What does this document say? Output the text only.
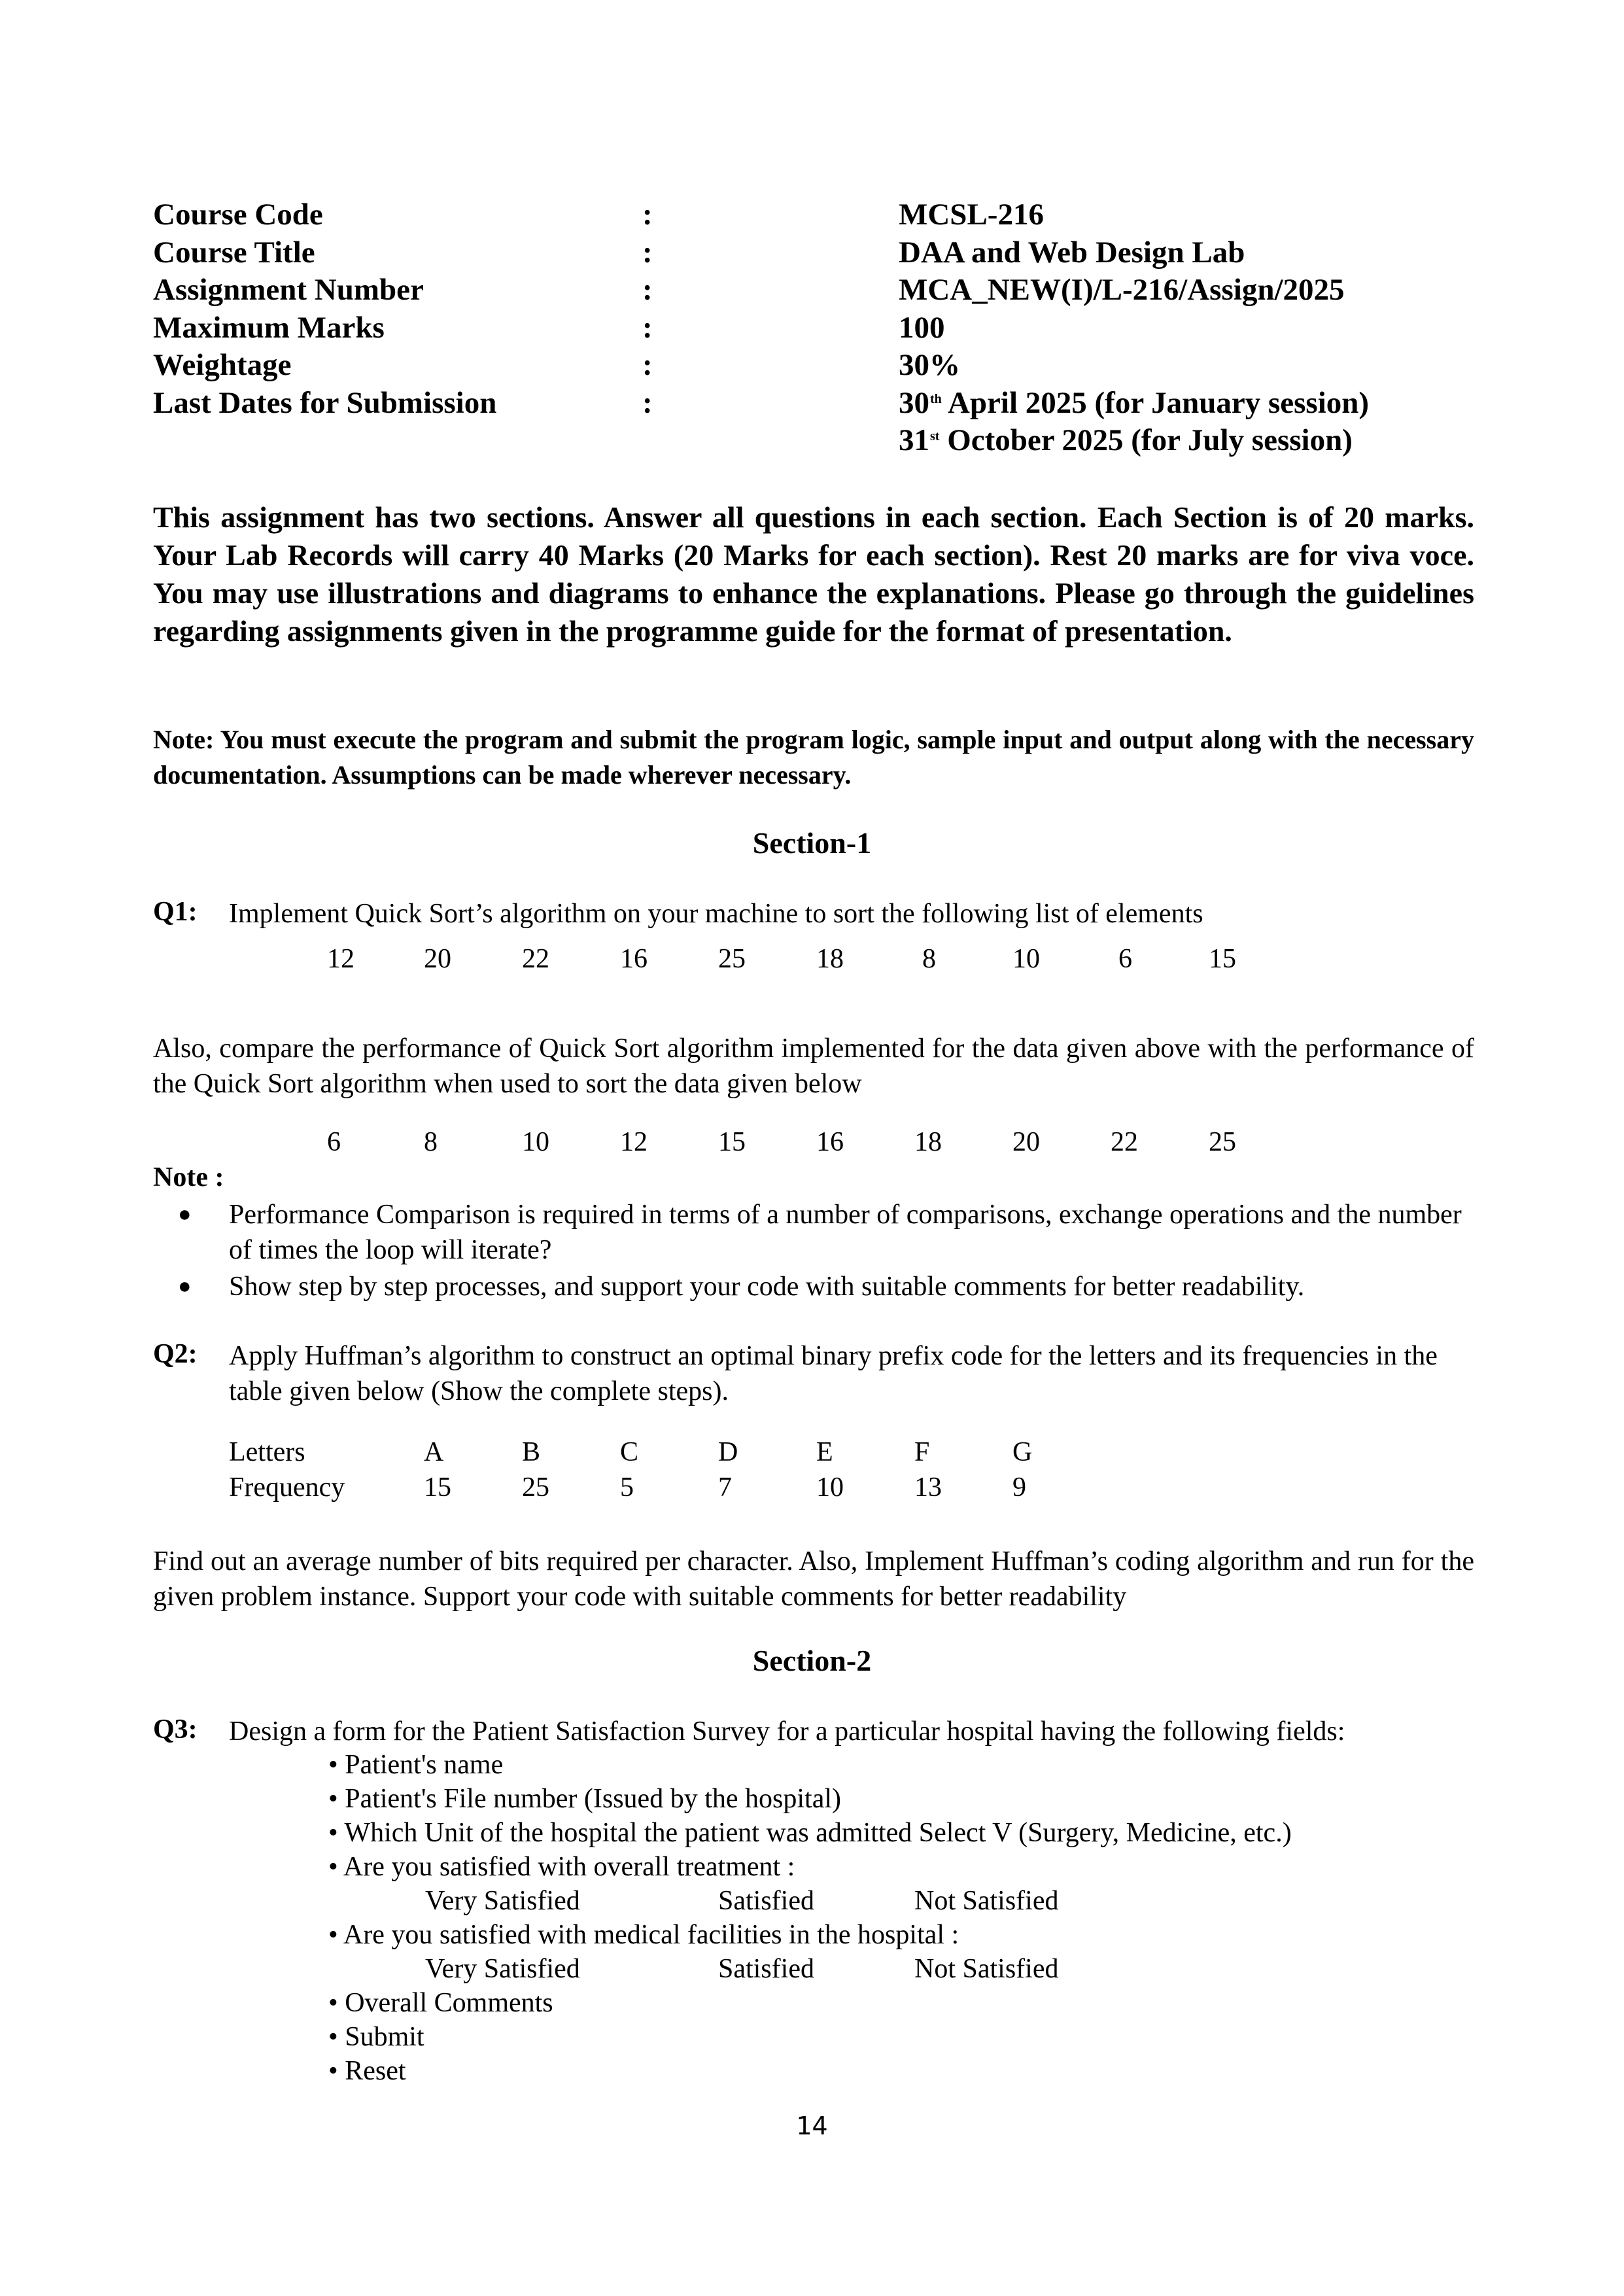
Course Code	:	MCSL-216
Course Title	:	DAA and Web Design Lab
Assignment Number	:	MCA_NEW(I)/L-216/Assign/2025
Maximum Marks	:	100
Weightage	:	30%
Last Dates for Submission	:	30th April 2025 (for January session)
31st October 2025 (for July session)
This assignment has two sections. Answer all questions in each section. Each Section is of 20 marks. Your Lab Records will carry 40 Marks (20 Marks for each section). Rest 20 marks are for viva voce. You may use illustrations and diagrams to enhance the explanations. Please go through the guidelines regarding assignments given in the programme guide for the format of presentation.
Note: You must execute the program and submit the program logic, sample input and output along with the necessary documentation. Assumptions can be made wherever necessary.
Section-1
Q1: Implement Quick Sort’s algorithm on your machine to sort the following list of elements
12	20	22	16	25	18	8	10	6	15
Also, compare the performance of Quick Sort algorithm implemented for the data given above with the performance of the Quick Sort algorithm when used to sort the data given below
6	8	10	12	15	16	18	20	22	25
Note :
● Performance Comparison is required in terms of a number of comparisons, exchange operations and the number of times the loop will iterate?
● Show step by step processes, and support your code with suitable comments for better readability.
Q2: Apply Huffman’s algorithm to construct an optimal binary prefix code for the letters and its frequencies in the table given below (Show the complete steps).
Letters	A	B	C	D	E	F	G
Frequency	15	25	5	7	10	13	9
Find out an average number of bits required per character. Also, Implement Huffman’s coding algorithm and run for the given problem instance. Support your code with suitable comments for better readability
Section-2
Q3: Design a form for the Patient Satisfaction Survey for a particular hospital having the following fields:
• Patient's name
• Patient's File number (Issued by the hospital)
• Which Unit of the hospital the patient was admitted Select V (Surgery, Medicine, etc.)
• Are you satisfied with overall treatment :
Very Satisfied	Satisfied	Not Satisfied
• Are you satisfied with medical facilities in the hospital :
Very Satisfied	Satisfied	Not Satisfied
• Overall Comments
• Submit
• Reset
14
